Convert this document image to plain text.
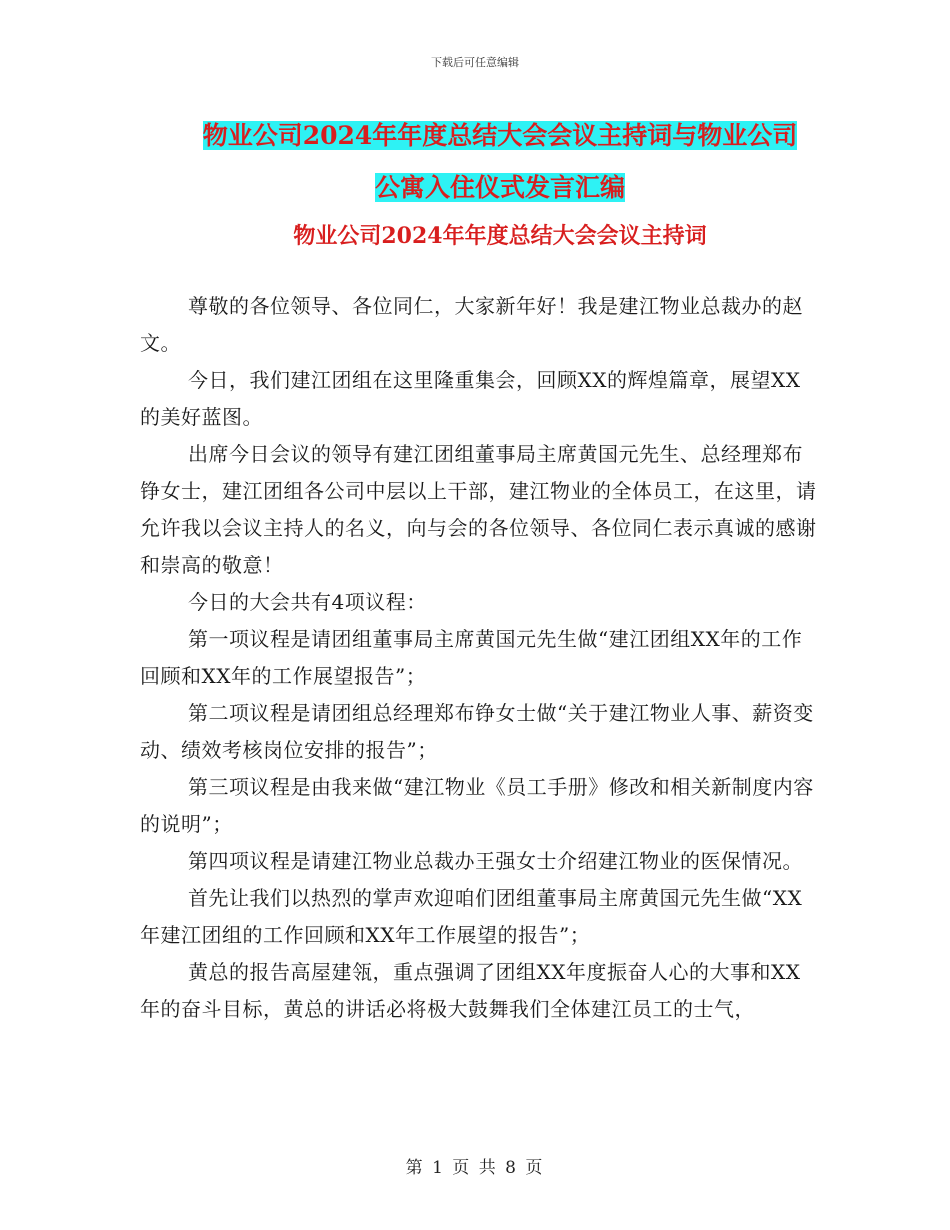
下载后可任意编辑
物业公司2024年年度总结大会会议主持词与物业公司
公寓入住仪式发言汇编
物业公司2024年年度总结大会会议主持词

尊敬的各位领导、各位同仁，大家新年好！我是建江物业总裁办的赵文。

今日，我们建江团组在这里隆重集会，回顾XX的辉煌篇章，展望XX的美好蓝图。

出席今日会议的领导有建江团组董事局主席黄国元先生、总经理郑布铮女士，建江团组各公司中层以上干部，建江物业的全体员工，在这里，请允许我以会议主持人的名义，向与会的各位领导、各位同仁表示真诚的感谢和崇高的敬意！

今日的大会共有4项议程：

第一项议程是请团组董事局主席黄国元先生做“建江团组XX年的工作回顾和XX年的工作展望报告”；

第二项议程是请团组总经理郑布铮女士做“关于建江物业人事、薪资变动、绩效考核岗位安排的报告”；

第三项议程是由我来做“建江物业《员工手册》修改和相关新制度内容的说明”；

第四项议程是请建江物业总裁办王强女士介绍建江物业的医保情况。

首先让我们以热烈的掌声欢迎咱们团组董事局主席黄国元先生做“XX年建江团组的工作回顾和XX年工作展望的报告”；

黄总的报告高屋建瓴，重点强调了团组XX年度振奋人心的大事和XX年的奋斗目标，黄总的讲话必将极大鼓舞我们全体建江员工的士气，

第 1 页 共 8 页
